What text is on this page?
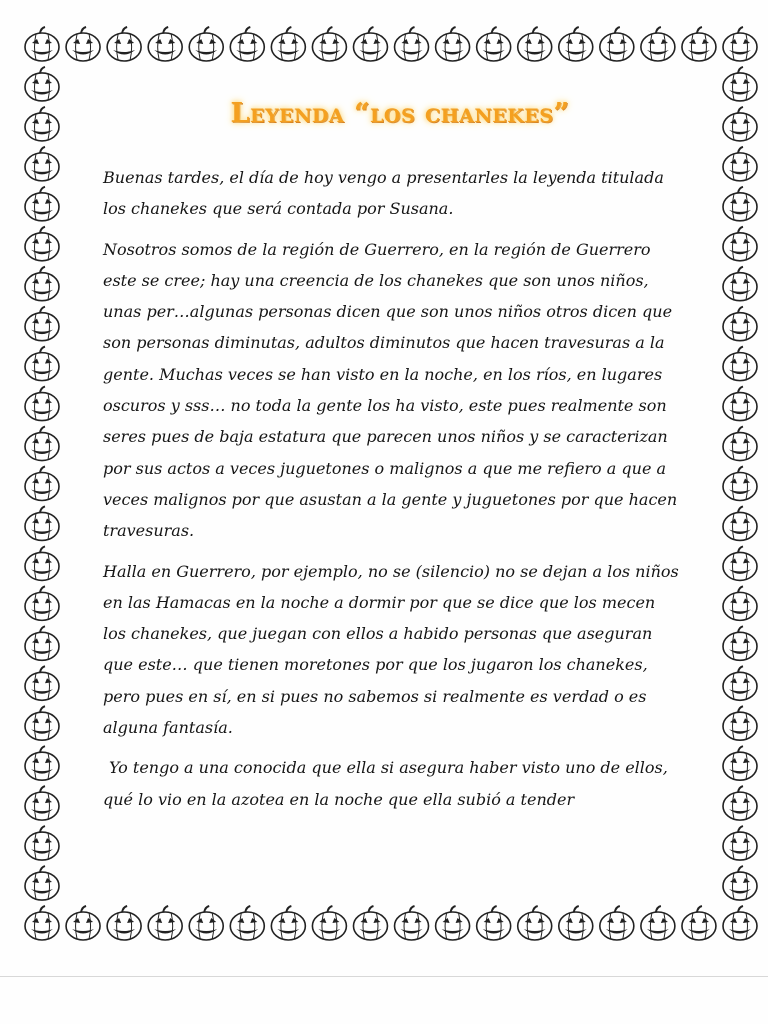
Leyenda “los chanekes”

Buenas tardes, el día de hoy vengo a presentarles la leyenda titulada los chanekes que será contada por Susana.

Nosotros somos de la región de Guerrero, en la región de Guerrero este se cree; hay una creencia de los chanekes que son unos niños, unas per…algunas personas dicen que son unos niños otros dicen que son personas diminutas, adultos diminutos que hacen travesuras a la gente. Muchas veces se han visto en la noche, en los ríos, en lugares oscuros y sss… no toda la gente los ha visto, este pues realmente son seres pues de baja estatura que parecen unos niños y se caracterizan por sus actos a veces juguetones o malignos a que me refiero a que a veces malignos por que asustan a la gente y juguetones por que hacen travesuras.

Halla en Guerrero, por ejemplo, no se (silencio) no se dejan a los niños en las Hamacas en la noche a dormir por que se dice que los mecen los chanekes, que juegan con ellos a habido personas que aseguran que este… que tienen moretones por que los jugaron los chanekes, pero pues en sí, en si pues no sabemos si realmente es verdad o es alguna fantasía.

Yo tengo a una conocida que ella si asegura haber visto uno de ellos, qué lo vio en la azotea en la noche que ella subió a tender
